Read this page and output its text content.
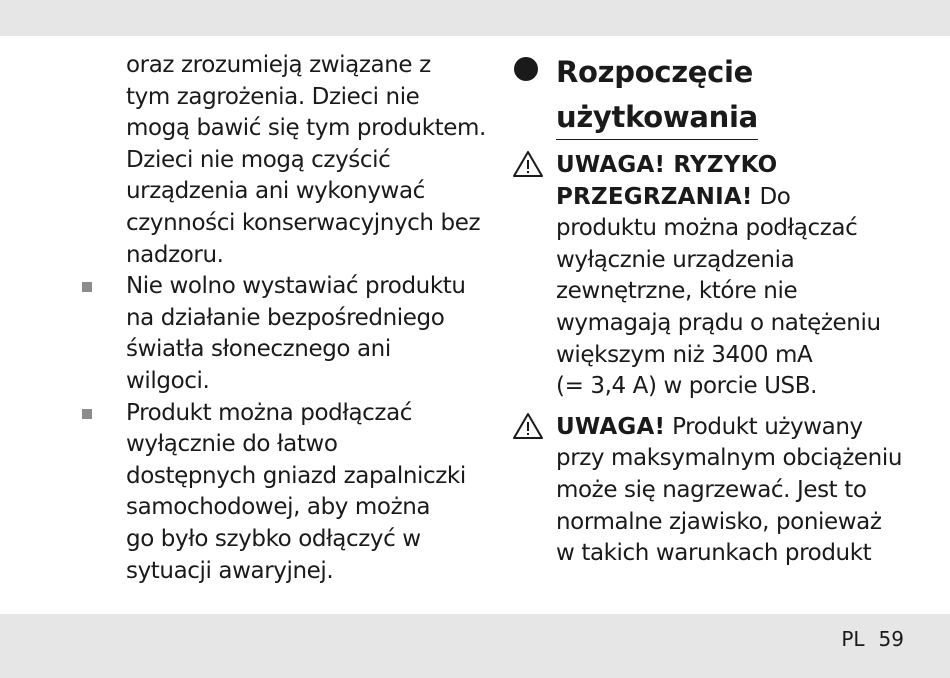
oraz zrozumieją związane z
tym zagrożenia. Dzieci nie
mogą bawić się tym produktem.
Dzieci nie mogą czyścić
urządzenia ani wykonywać
czynności konserwacyjnych bez
nadzoru.
Nie wolno wystawiać produktu
na działanie bezpośredniego
światła słonecznego ani
wilgoci.
Produkt można podłączać
wyłącznie do łatwo
dostępnych gniazd zapalniczki
samochodowej, aby można
go było szybko odłączyć w
sytuacji awaryjnej.
Rozpoczęcie
użytkowania
UWAGA! RYZYKO
PRZEGRZANIA! Do
produktu można podłączać
wyłącznie urządzenia
zewnętrzne, które nie
wymagają prądu o natężeniu
większym niż 3400 mA
(= 3,4 A) w porcie USB.
UWAGA! Produkt używany
przy maksymalnym obciążeniu
może się nagrzewać. Jest to
normalne zjawisko, ponieważ
w takich warunkach produkt
PL 59
